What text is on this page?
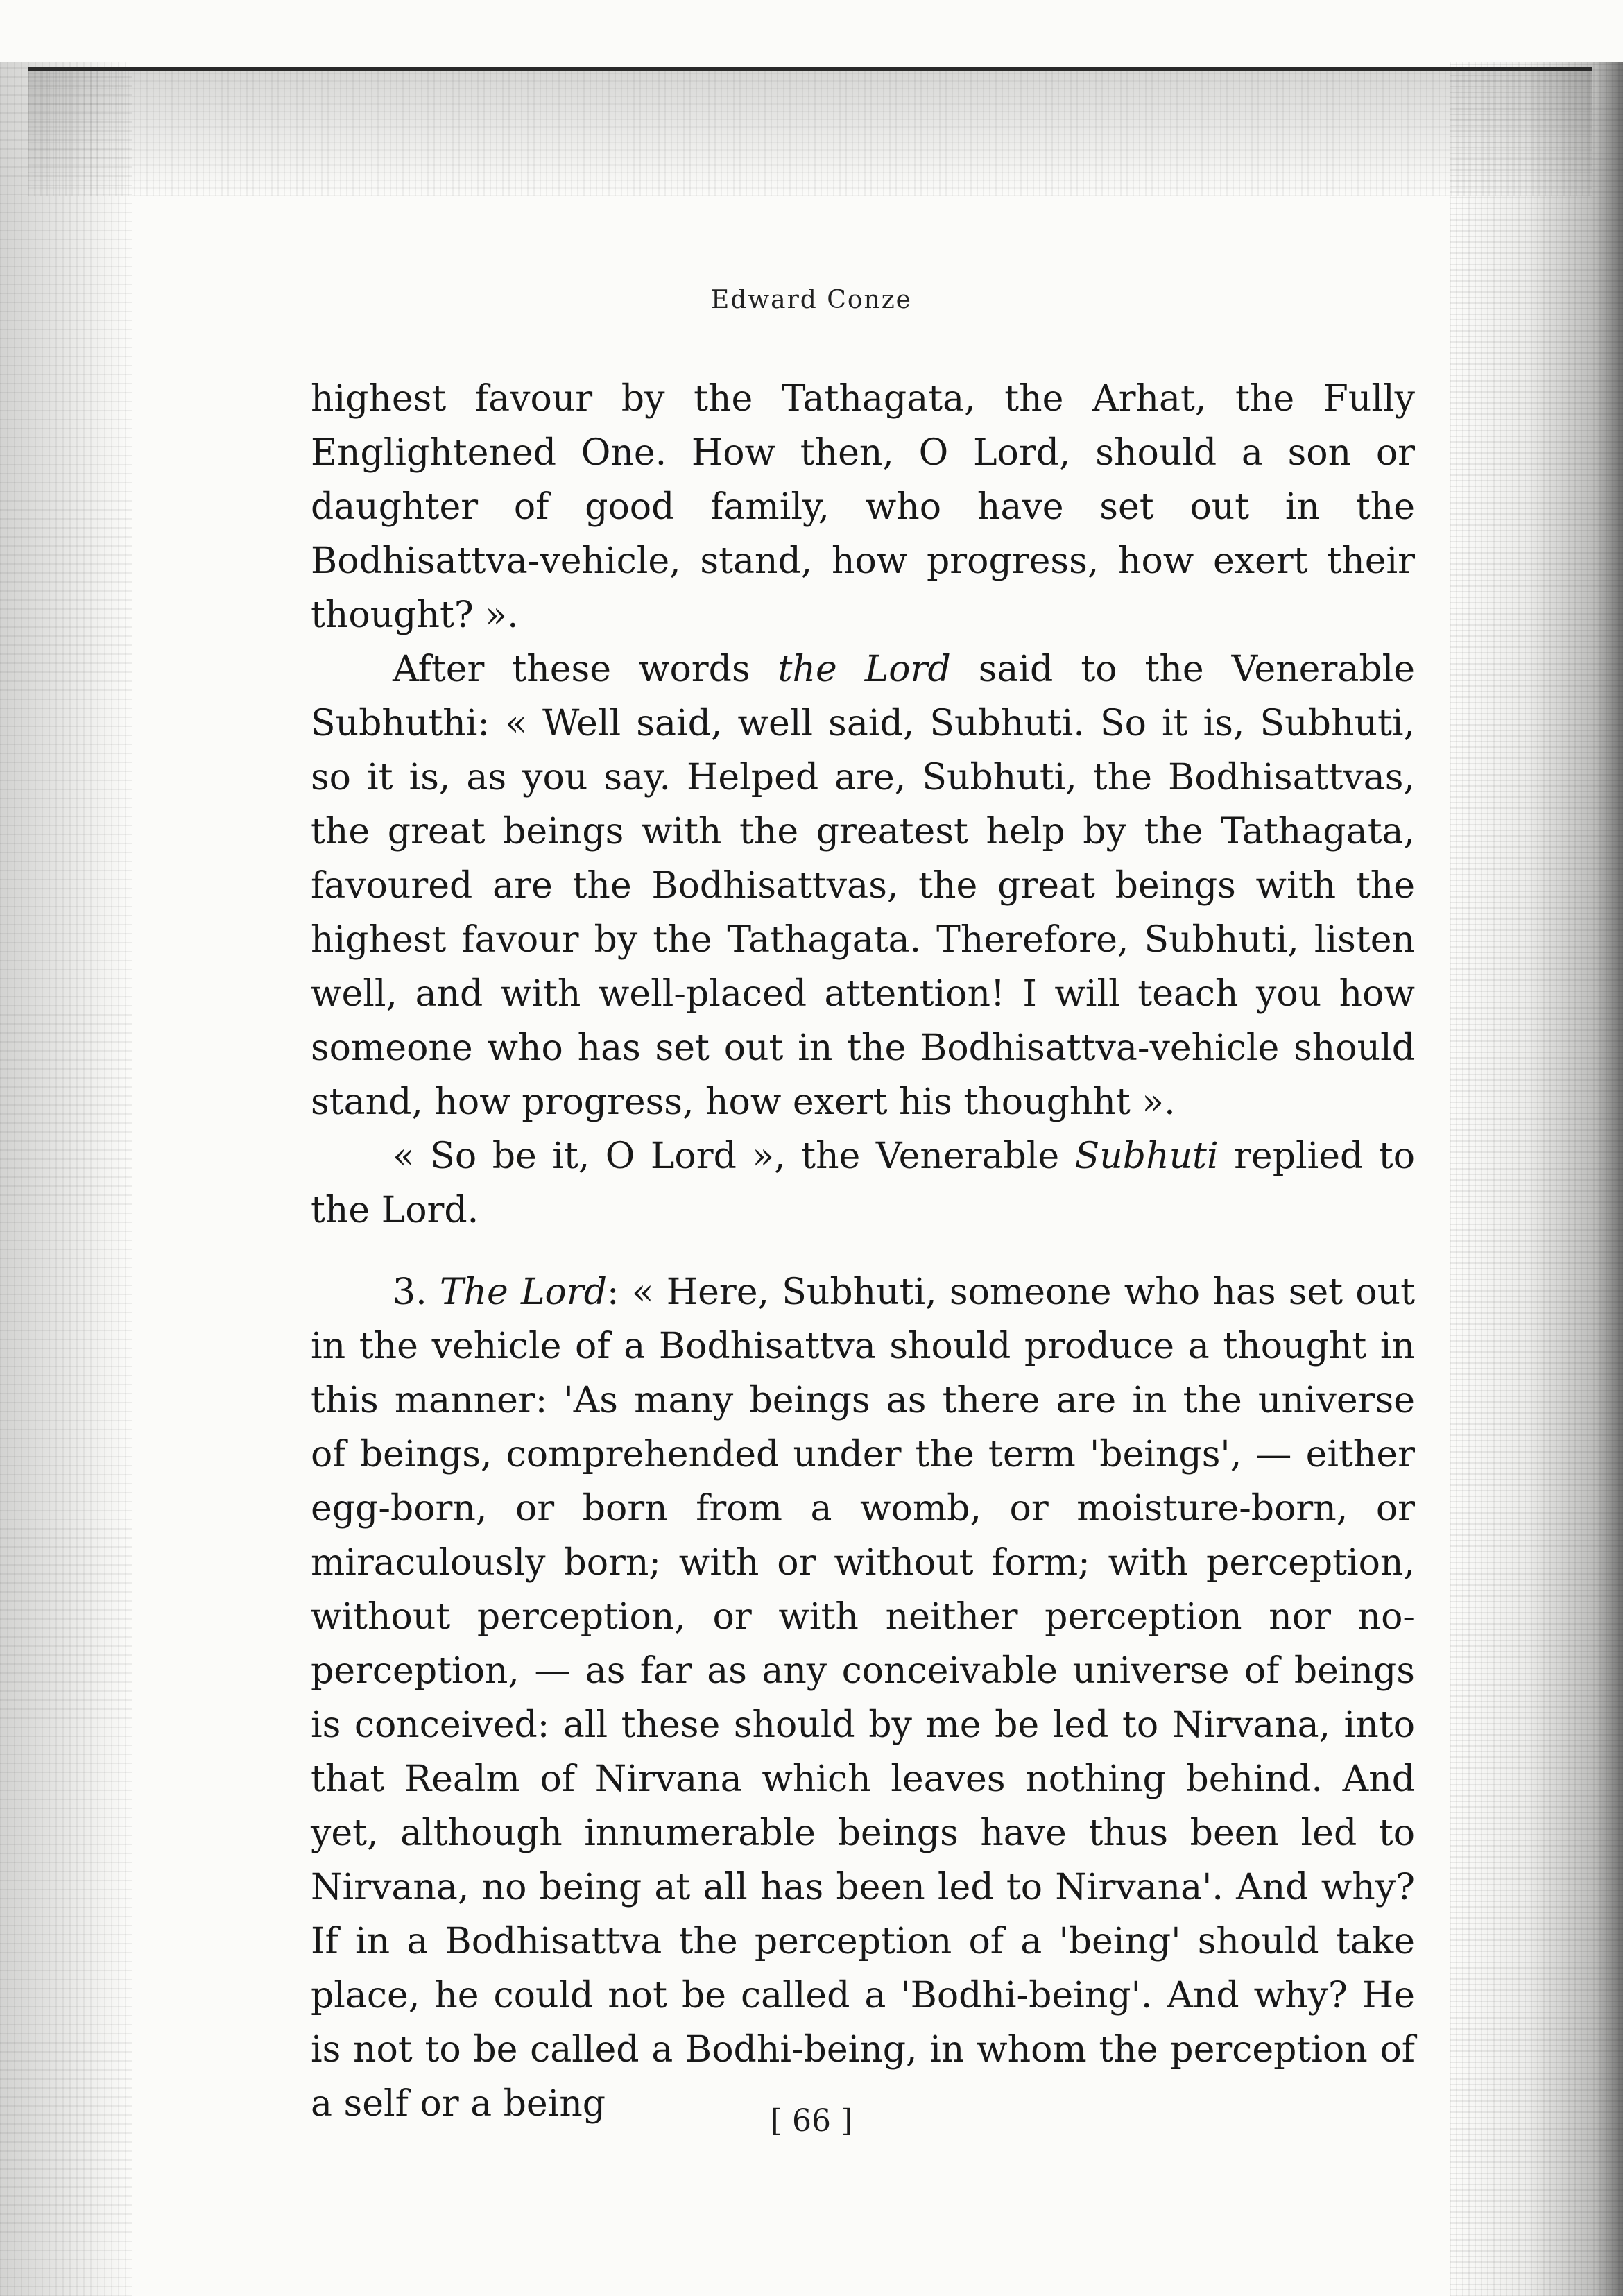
Edward Conze

highest favour by the Tathagata, the Arhat, the Fully Englightened One. How then, O Lord, should a son or daughter of good family, who have set out in the Bodhisattva-vehicle, stand, how progress, how exert their thought? ».

After these words the Lord said to the Venerable Subhuthi: « Well said, well said, Subhuti. So it is, Subhuti, so it is, as you say. Helped are, Subhuti, the Bodhisattvas, the great beings with the greatest help by the Tathagata, favoured are the Bodhisattvas, the great beings with the highest favour by the Tathagata. Therefore, Subhuti, listen well, and with well-placed attention! I will teach you how someone who has set out in the Bodhisattva-vehicle should stand, how progress, how exert his thoughht ».

« So be it, O Lord », the Venerable Subhuti replied to the Lord.

3. The Lord: « Here, Subhuti, someone who has set out in the vehicle of a Bodhisattva should produce a thought in this manner: 'As many beings as there are in the universe of beings, comprehended under the term 'beings', — either egg-born, or born from a womb, or moisture-born, or miraculously born; with or without form; with perception, without perception, or with neither perception nor no-perception, — as far as any conceivable universe of beings is conceived: all these should by me be led to Nirvana, into that Realm of Nirvana which leaves nothing behind. And yet, although innumerable beings have thus been led to Nirvana, no being at all has been led to Nirvana'. And why? If in a Bodhisattva the perception of a 'being' should take place, he could not be called a 'Bodhi-being'. And why? He is not to be called a Bodhi-being, in whom the perception of a self or a being	[ 66 ]
